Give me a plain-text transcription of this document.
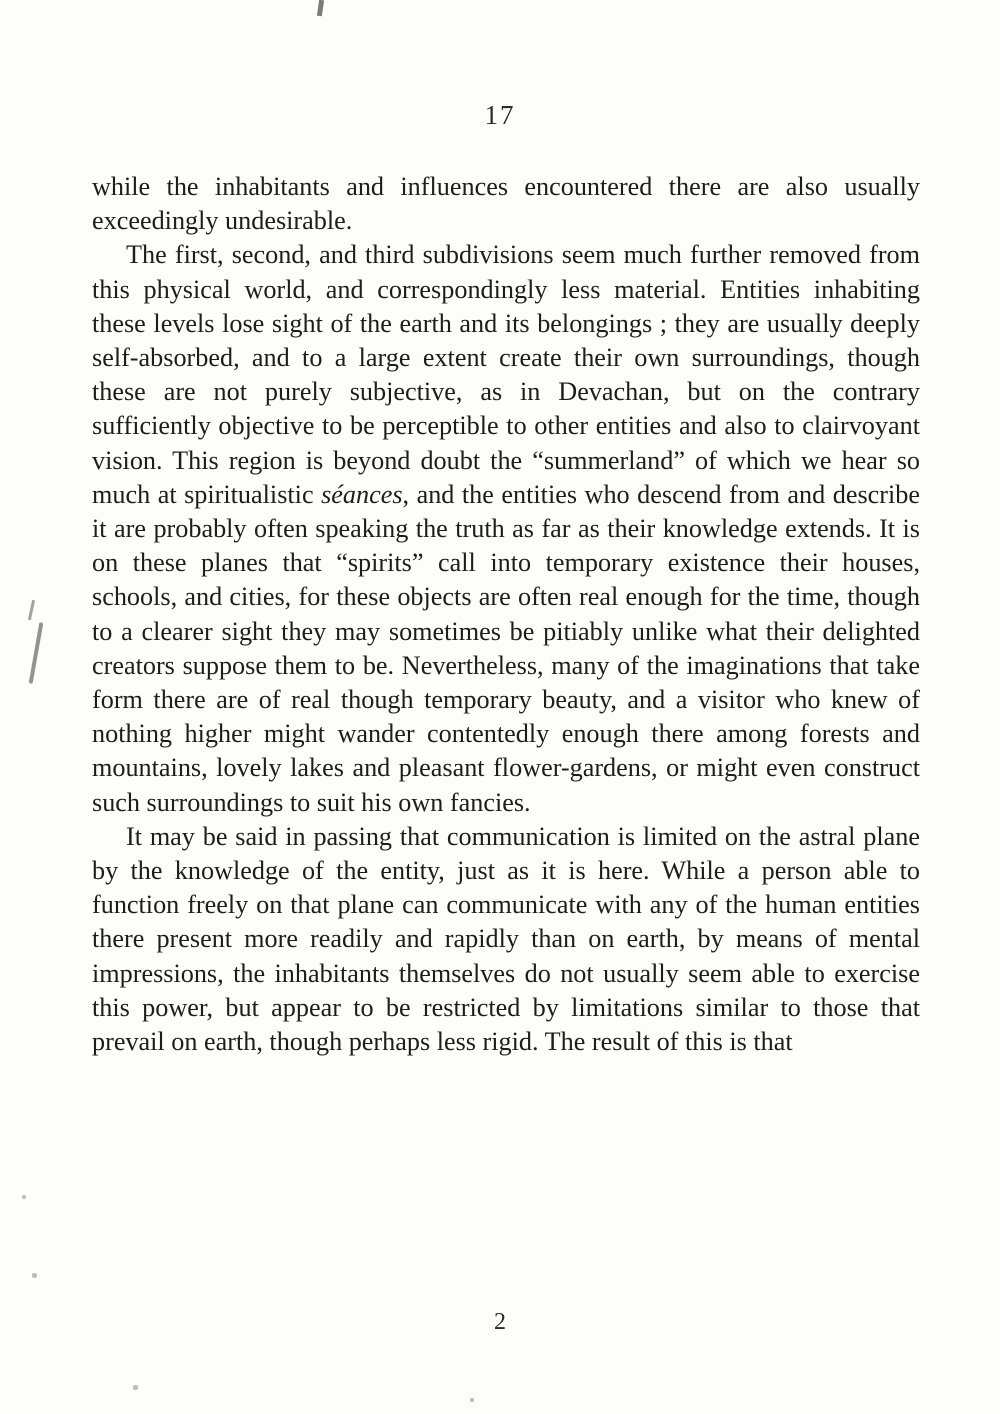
17

while the inhabitants and influences encountered there are also usually exceedingly undesirable.

The first, second, and third subdivisions seem much further removed from this physical world, and correspondingly less material. Entities inhabiting these levels lose sight of the earth and its belongings ; they are usually deeply self-absorbed, and to a large extent create their own surroundings, though these are not purely subjective, as in Devachan, but on the contrary sufficiently objective to be perceptible to other entities and also to clairvoyant vision. This region is beyond doubt the “summerland” of which we hear so much at spiritualistic séances, and the entities who descend from and describe it are probably often speaking the truth as far as their knowledge extends. It is on these planes that “spirits” call into temporary existence their houses, schools, and cities, for these objects are often real enough for the time, though to a clearer sight they may sometimes be pitiably unlike what their delighted creators suppose them to be. Nevertheless, many of the imaginations that take form there are of real though temporary beauty, and a visitor who knew of nothing higher might wander contentedly enough there among forests and mountains, lovely lakes and pleasant flower-gardens, or might even construct such surroundings to suit his own fancies.

It may be said in passing that communication is limited on the astral plane by the knowledge of the entity, just as it is here. While a person able to function freely on that plane can communicate with any of the human entities there present more readily and rapidly than on earth, by means of mental impressions, the inhabitants themselves do not usually seem able to exercise this power, but appear to be restricted by limitations similar to those that prevail on earth, though perhaps less rigid. The result of this is that

2
